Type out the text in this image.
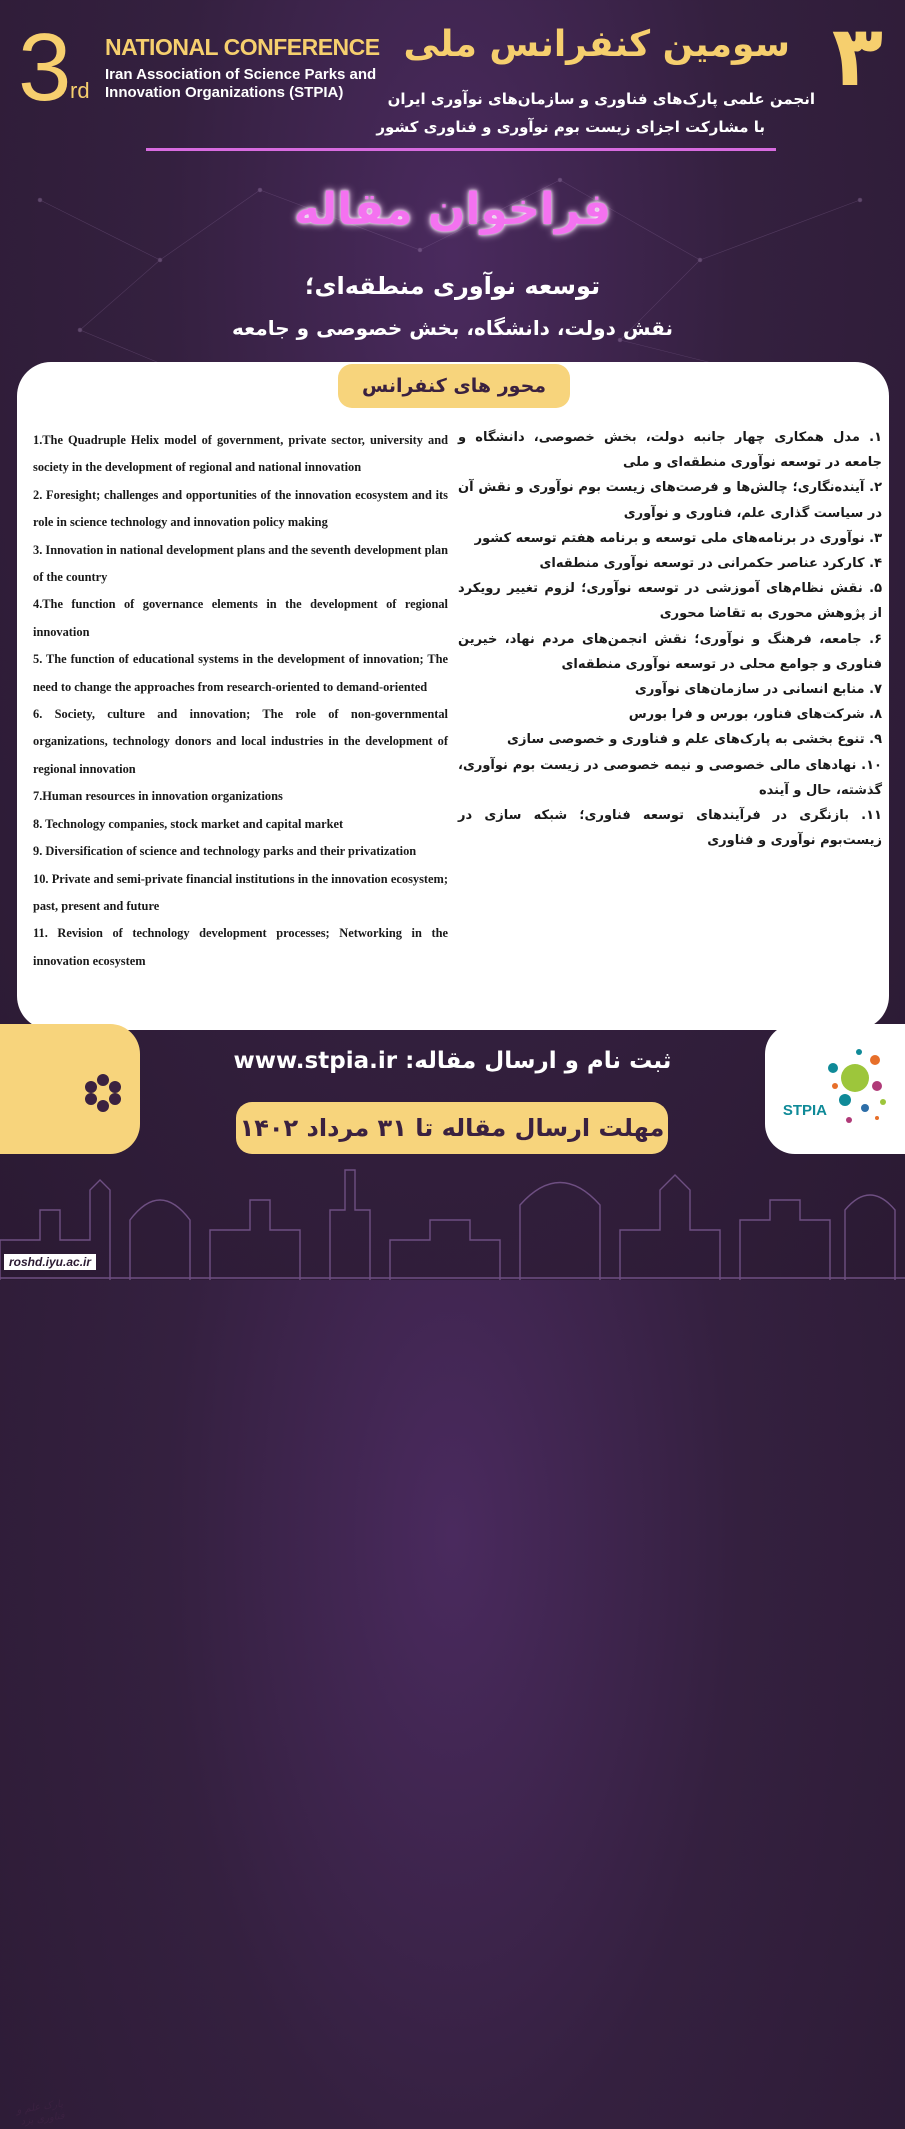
3
rd
NATIONAL CONFERENCE
Iran Association of Science Parks and Innovation Organizations (STPIA)	۳
سومین کنفرانس ملی
انجمن علمی پارک‌های فناوری و سازمان‌های نوآوری ایران
با مشارکت اجزای زیست بوم نوآوری و فناوری کشور
فراخوان مقاله
توسعه نوآوری منطقه‌ای؛
نقش دولت، دانشگاه، بخش خصوصی و جامعه
محور های کنفرانس

1.The Quadruple Helix model of government, private sector, university and society in the development of regional and national innovation

2. Foresight; challenges and opportunities of the innovation ecosystem and its role in science technology and innovation policy making

3. Innovation in national development plans and the seventh development plan of the country

4.The function of governance elements in the development of regional innovation

5. The function of educational systems in the development of innovation; The need to change the approaches from research-oriented to demand-oriented

6. Society, culture and innovation; The role of non-governmental organizations, technology donors and local industries in the development of regional innovation

7.Human resources in innovation organizations

8. Technology companies, stock market and capital market

9. Diversification of science and technology parks and their privatization

10. Private and semi-private financial institutions in the innovation ecosystem; past, present and future

11. Revision of technology development processes; Networking in the innovation ecosystem

۱. مدل همکاری چهار جانبه دولت، بخش خصوصی، دانشگاه و جامعه در توسعه نوآوری منطقه‌ای و ملی

۲. آینده‌نگاری؛ چالش‌ها و فرصت‌های زیست بوم نوآوری و نقش آن در سیاست گذاری علم، فناوری و نوآوری

۳. نوآوری در برنامه‌های ملی توسعه و برنامه هفتم توسعه کشور

۴. کارکرد عناصر حکمرانی در توسعه نوآوری منطقه‌ای

۵. نقش نظام‌های آموزشی در توسعه نوآوری؛ لزوم تغییر رویکرد از پژوهش محوری به تقاضا محوری

۶. جامعه، فرهنگ و نوآوری؛ نقش انجمن‌های مردم نهاد، خیرین فناوری و جوامع محلی در توسعه نوآوری منطقه‌ای

۷. منابع انسانی در سازمان‌های نوآوری

۸. شرکت‌های فناور، بورس و فرا بورس

۹. تنوع بخشی به پارک‌های علم و فناوری و خصوصی سازی

۱۰. نهادهای مالی خصوصی و نیمه خصوصی در زیست بوم نوآوری، گذشته، حال و آینده

۱۱. بازنگری در فرآیندهای توسعه فناوری؛ شبکه سازی در زیست‌بوم نوآوری و فناوری

پارک علم و فناوری یزد
STPIA
ثبت نام و ارسال مقاله: www.stpia.ir
مهلت ارسال مقاله تا ۳۱ مرداد ۱۴۰۲
roshd.iyu.ac.ir
